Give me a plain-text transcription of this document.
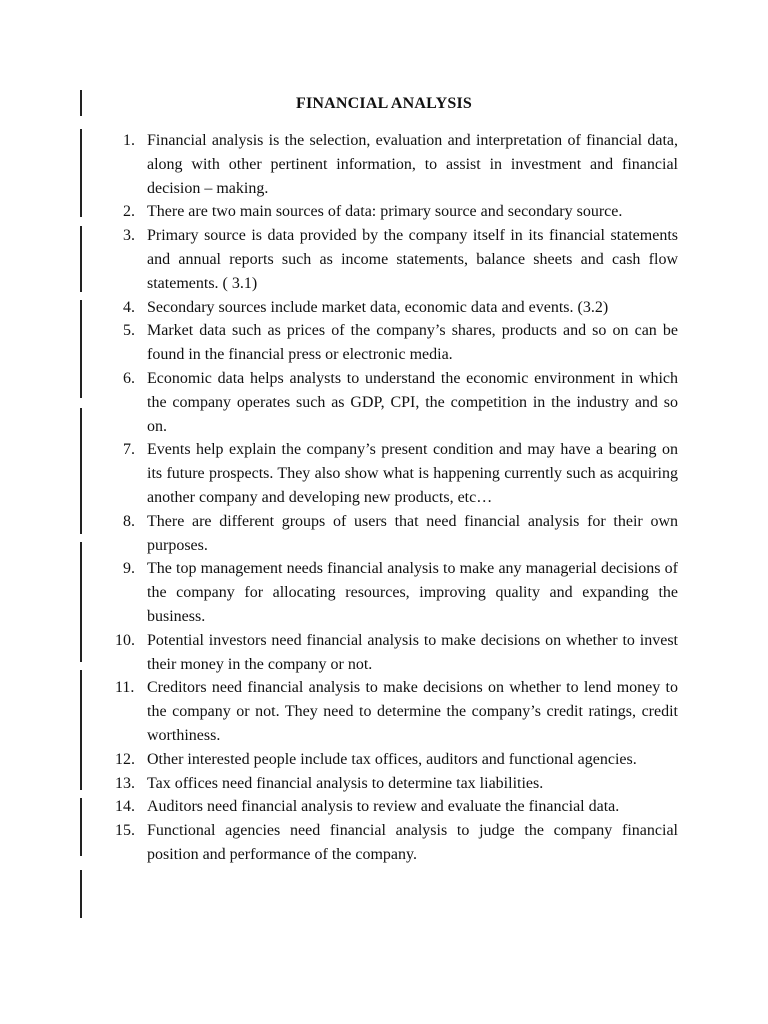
FINANCIAL ANALYSIS
1. Financial analysis is the selection, evaluation and interpretation of financial data, along with other pertinent information, to assist in investment and financial decision – making.
2. There are two main sources of data: primary source and secondary source.
3. Primary source is data provided by the company itself in its financial statements and annual reports such as income statements, balance sheets and cash flow statements. ( 3.1)
4. Secondary sources include market data, economic data and events. (3.2)
5. Market data such as prices of the company’s shares, products and so on can be found in the financial press or electronic media.
6. Economic data helps analysts to understand the economic environment in which the company operates such as GDP, CPI, the competition in the industry and so on.
7. Events help explain the company’s present condition and may have a bearing on its future prospects. They also show what is happening currently such as acquiring another company and developing new products, etc…
8. There are different groups of users that need financial analysis for their own purposes.
9. The top management needs financial analysis to make any managerial decisions of the company for allocating resources, improving quality and expanding the business.
10. Potential investors need financial analysis to make decisions on whether to invest their money in the company or not.
11. Creditors need financial analysis to make decisions on whether to lend money to the company or not. They need to determine the company’s credit ratings, credit worthiness.
12. Other interested people include tax offices, auditors and functional agencies.
13. Tax offices need financial analysis to determine tax liabilities.
14. Auditors need financial analysis to review and evaluate the financial data.
15. Functional agencies need financial analysis to judge the company financial position and performance of the company.
